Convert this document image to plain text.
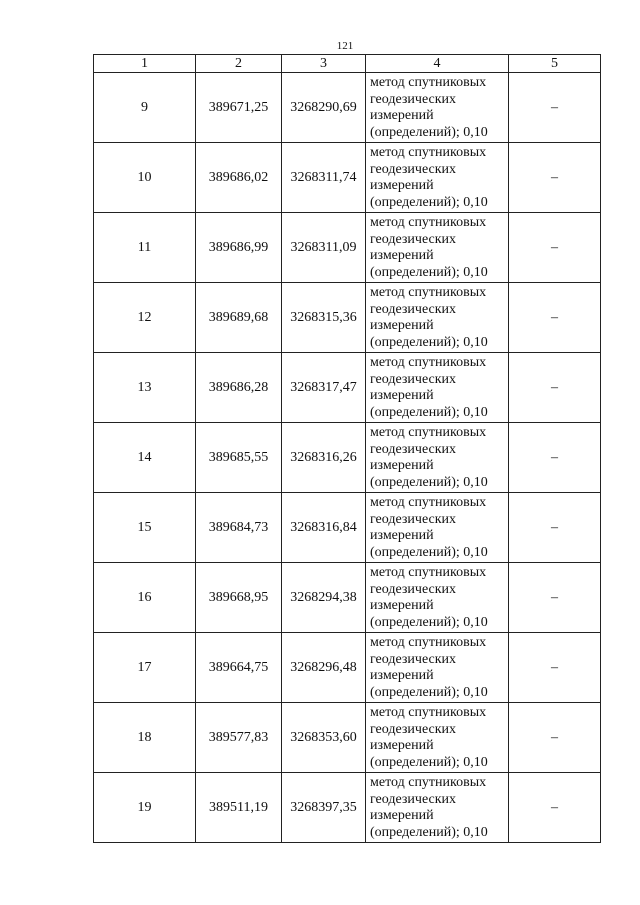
121
1	2	3	4	5
9	389671,25	3268290,69	метод спутниковых
геодезических
измерений
(определений); 0,10	–
10	389686,02	3268311,74	метод спутниковых
геодезических
измерений
(определений); 0,10	–
11	389686,99	3268311,09	метод спутниковых
геодезических
измерений
(определений); 0,10	–
12	389689,68	3268315,36	метод спутниковых
геодезических
измерений
(определений); 0,10	–
13	389686,28	3268317,47	метод спутниковых
геодезических
измерений
(определений); 0,10	–
14	389685,55	3268316,26	метод спутниковых
геодезических
измерений
(определений); 0,10	–
15	389684,73	3268316,84	метод спутниковых
геодезических
измерений
(определений); 0,10	–
16	389668,95	3268294,38	метод спутниковых
геодезических
измерений
(определений); 0,10	–
17	389664,75	3268296,48	метод спутниковых
геодезических
измерений
(определений); 0,10	–
18	389577,83	3268353,60	метод спутниковых
геодезических
измерений
(определений); 0,10	–
19	389511,19	3268397,35	метод спутниковых
геодезических
измерений
(определений); 0,10	–
